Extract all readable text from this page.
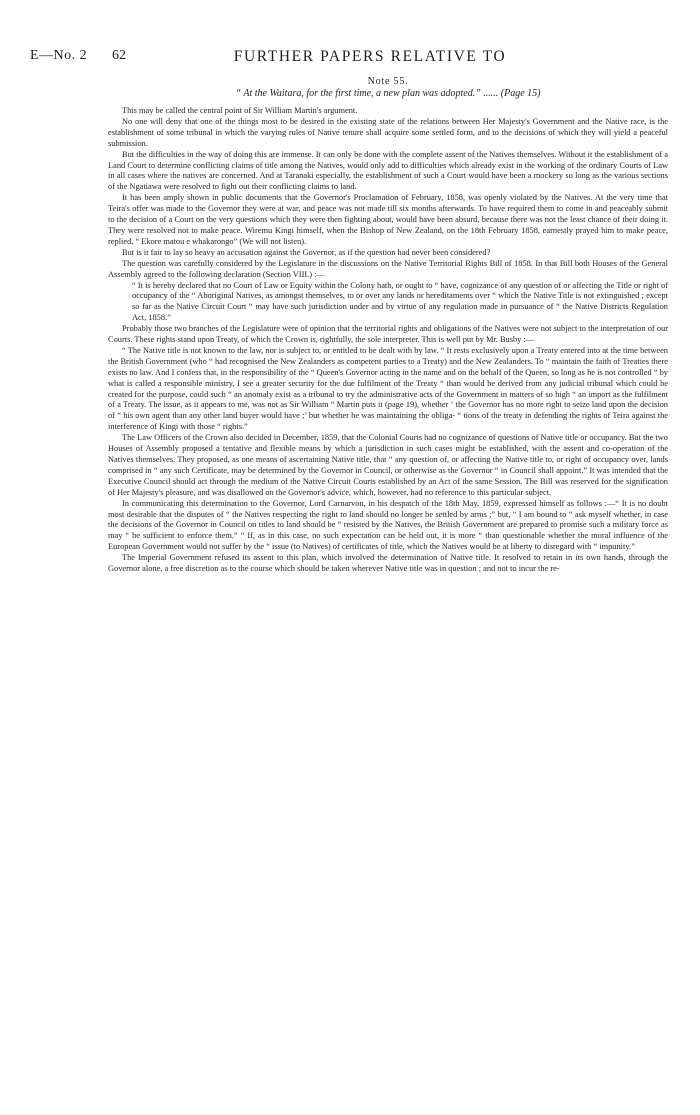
E—No. 2 62	FURTHER PAPERS RELATIVE TO
Note 55.
“ At the Waitara, for the first time, a new plan was adopted.” ...... (Page 15)

This may be called the central point of Sir William Martin's argument.

No one will deny that one of the things most to be desired in the existing state of the relations between Her Majesty's Government and the Native race, is the establishment of some tribunal in which the varying rules of Native tenure shall acquire some settled form, and to the decisions of which they will yield a peaceful submission.

But the difficulties in the way of doing this are immense. It can only be done with the complete assent of the Natives themselves. Without it the establishment of a Land Court to determine conflicting claims of title among the Natives, would only add to difficulties which already exist in the working of the ordinary Courts of Law in all cases where the natives are concerned. And at Taranaki especially, the establishment of such a Court would have been a mockery so long as the various sections of the Ngatiawa were resolved to fight out their conflicting claims to land.

It has been amply shown in public documents that the Governor's Proclamation of February, 1858, was openly violated by the Natives. At the very time that Teira's offer was made to the Governor they were at war, and peace was not made till six months afterwards. To have required them to come in and peaceably submit to the decision of a Court on the very questions which they were then fighting about, would have been absurd, because there was not the least chance of their doing it. They were resolved not to make peace. Wiremu Kingi himself, when the Bishop of New Zealand, on the 18th February 1858, earnestly prayed him to make peace, replied, “ Ekore matou e whakarongo” (We will not listen).

But is it fair to lay so heavy an accusation against the Governor, as if the question had never been considered?

The question was carefully considered by the Legislature in the discussions on the Native Territorial Rights Bill of 1858. In that Bill both Houses of the General Assembly agreed to the following declaration (Section VIII.) :—

“ It is hereby declared that no Court of Law or Equity within the Colony hath, or ought to “ have, cognizance of any question of or affecting the Title or right of occupancy of the “ Aboriginal Natives, as amongst themselves, to or over any lands or hereditaments over “ which the Native Title is not extinguished ; except so far as the Native Circuit Court “ may have such jurisdiction under and by virtue of any regulation made in pursuance of “ the Native Districts Regulation Act, 1858.”

Probably those two branches of the Legislature were of opinion that the territorial rights and obligations of the Natives were not subject to the interpretation of our Courts. These rights stand upon Treaty, of which the Crown is, rightfully, the sole interpreter. This is well put by Mr. Busby :—

“ The Native title is not known to the law, nor is subject to, or entitled to be dealt with by law. “ It rests exclusively upon a Treaty entered into at the time between the British Government (who “ had recognised the New Zealanders as competent parties to a Treaty) and the New Zealanders. To “ maintain the faith of Treaties there exists no law. And I confess that, in the responsibility of the “ Queen's Governor acting in the name and on the behalf of the Queen, so long as he is not controlled “ by what is called a responsible ministry, I see a greater security for the due fulfilment of the Treaty “ than would be derived from any judicial tribunal which could be created for the purpose, could such “ an anomaly exist as a tribunal to try the administrative acts of the Government in matters of so high “ an import as the fulfilment of a Treaty. The issue, as it appears to me, was not as Sir William “ Martin puts it (page 19), whether ‘ the Governor has no more right to seize land upon the decision of “ his own agent than any other land buyer would have ;’ but whether he was maintaining the obliga- “ tions of the treaty in defending the rights of Teira against the interference of Kingi with those “ rights.”

The Law Officers of the Crown also decided in December, 1859, that the Colonial Courts had no cognizance of questions of Native title or occupancy. But the two Houses of Assembly proposed a tentative and flexible means by which a jurisdiction in such cases might be established, with the assent and co-operation of the Natives themselves. They proposed, as one means of ascertaining Native title, that “ any question of, or affecting the Native title to, or right of occupancy over, lands comprised in “ any such Certificate, may be determined by the Governor in Council, or otherwise as the Governor “ in Council shall appoint.” It was intended that the Executive Council should act through the medium of the Native Circuit Courts established by an Act of the same Session. The Bill was reserved for the signification of Her Majesty's pleasure, and was disallowed on the Governor's advice, which, however, had no reference to this particular subject.

In communicating this determination to the Governor, Lord Carnarvon, in his despatch of the 18th May, 1859, expressed himself as follows :—“ It is no doubt most desirable that the disputes of “ the Natives respecting the right to land should no longer be settled by arms ;” but, “ I am bound to “ ask myself whether, in case the decisions of the Governor in Council on titles to land should be “ resisted by the Natives, the British Government are prepared to promise such a military force as may “ be sufficient to enforce them.” “ If, as in this case, no such expectation can be held out, it is more “ than questionable whether the moral influence of the European Government would not suffer by the “ issue (to Natives) of certificates of title, which the Natives would be at liberty to disregard with “ impunity.”

The Imperial Government refused its assent to this plan, which involved the determination of Native title. It resolved to retain in its own hands, through the Governor alone, a free discretion as to the course which should be taken wherever Native title was in question ; and not to incur the re-
